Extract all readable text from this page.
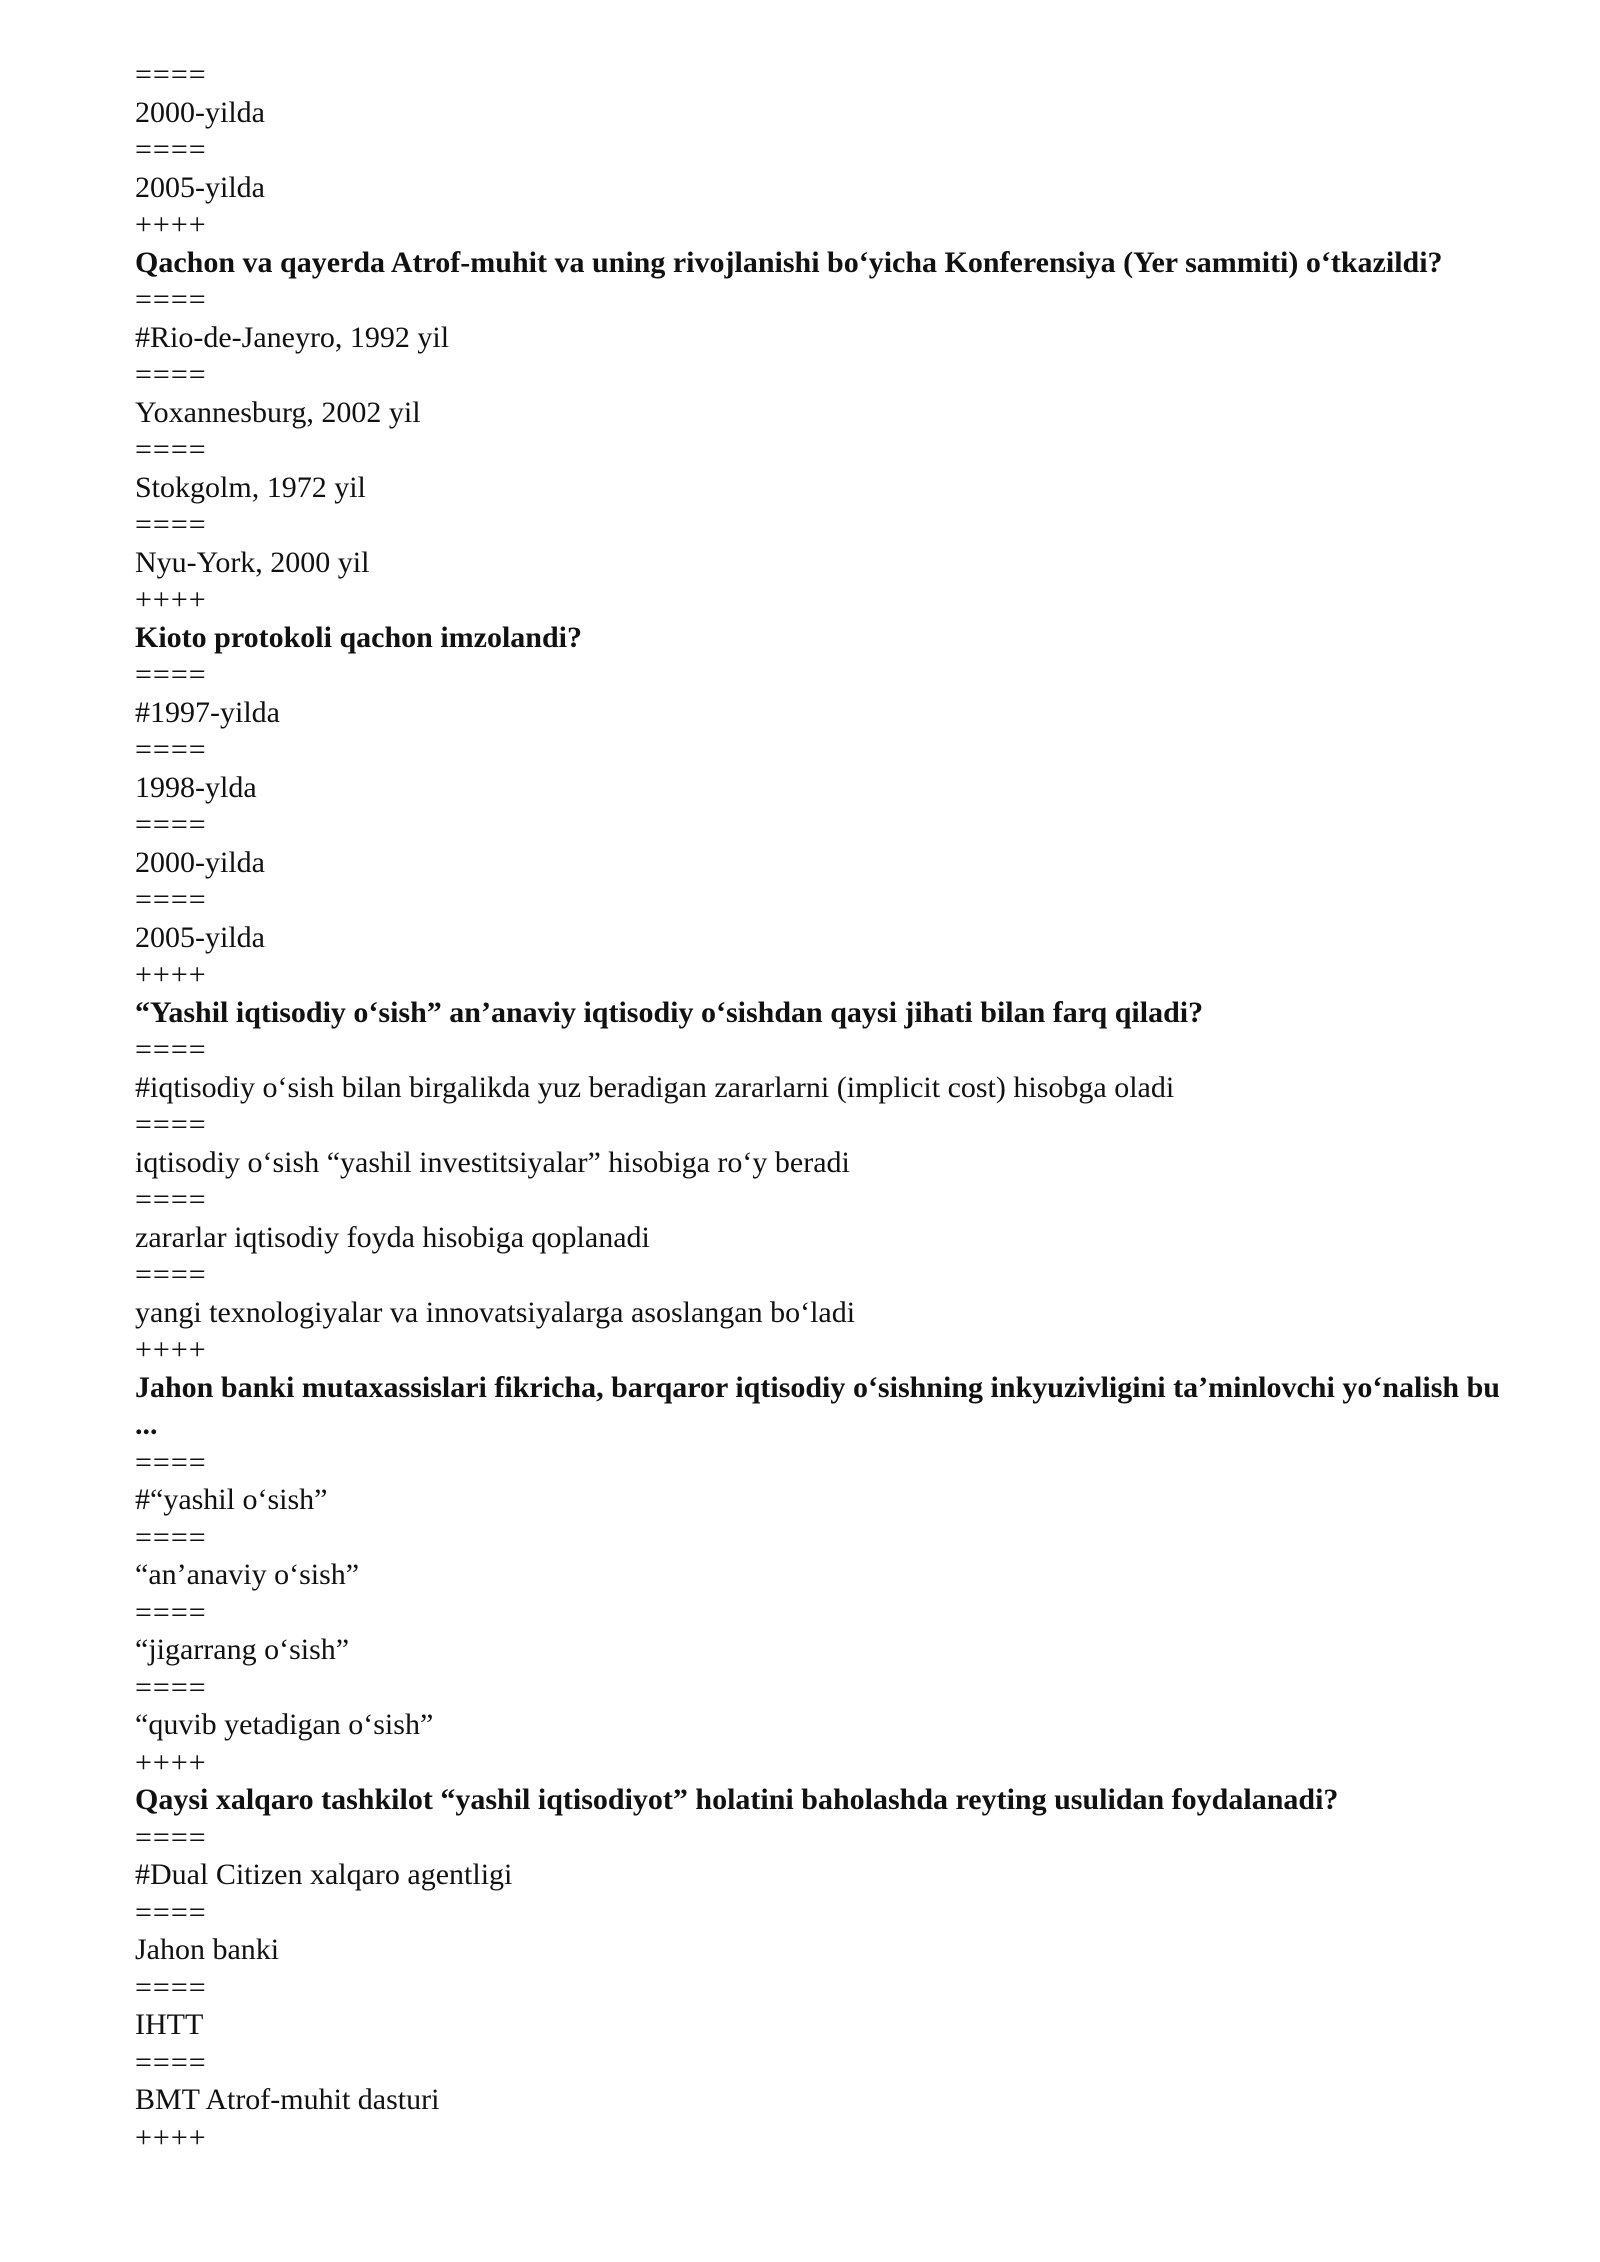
====
2000-yilda
====
2005-yilda
++++
Qachon va qayerda Atrof-muhit va uning rivojlanishi bo‘yicha Konferensiya (Yer sammiti) o‘tkazildi?
====
#Rio-de-Janeyro, 1992 yil
====
Yoxannesburg, 2002 yil
====
Stokgolm, 1972 yil
====
Nyu-York, 2000 yil
++++
Kioto protokoli qachon imzolandi?
====
#1997-yilda
====
1998-ylda
====
2000-yilda
====
2005-yilda
++++
“Yashil iqtisodiy o‘sish” an’anaviy iqtisodiy o‘sishdan qaysi jihati bilan farq qiladi?
====
#iqtisodiy o‘sish bilan birgalikda yuz beradigan zararlarni (implicit cost) hisobga oladi
====
iqtisodiy o‘sish “yashil investitsiyalar” hisobiga ro‘y beradi
====
zararlar iqtisodiy foyda hisobiga qoplanadi
====
yangi texnologiyalar va innovatsiyalarga asoslangan bo‘ladi
++++
Jahon banki mutaxassislari fikricha, barqaror iqtisodiy o‘sishning inkyuzivligini ta’minlovchi yo‘nalish bu ...
====
#“yashil o‘sish”
====
“an’anaviy o‘sish”
====
“jigarrang o‘sish”
====
“quvib yetadigan o‘sish”
++++
Qaysi xalqaro tashkilot “yashil iqtisodiyot” holatini baholashda reyting usulidan foydalanadi?
====
#Dual Citizen xalqaro agentligi
====
Jahon banki
====
IHTT
====
BMT Atrof-muhit dasturi
++++
